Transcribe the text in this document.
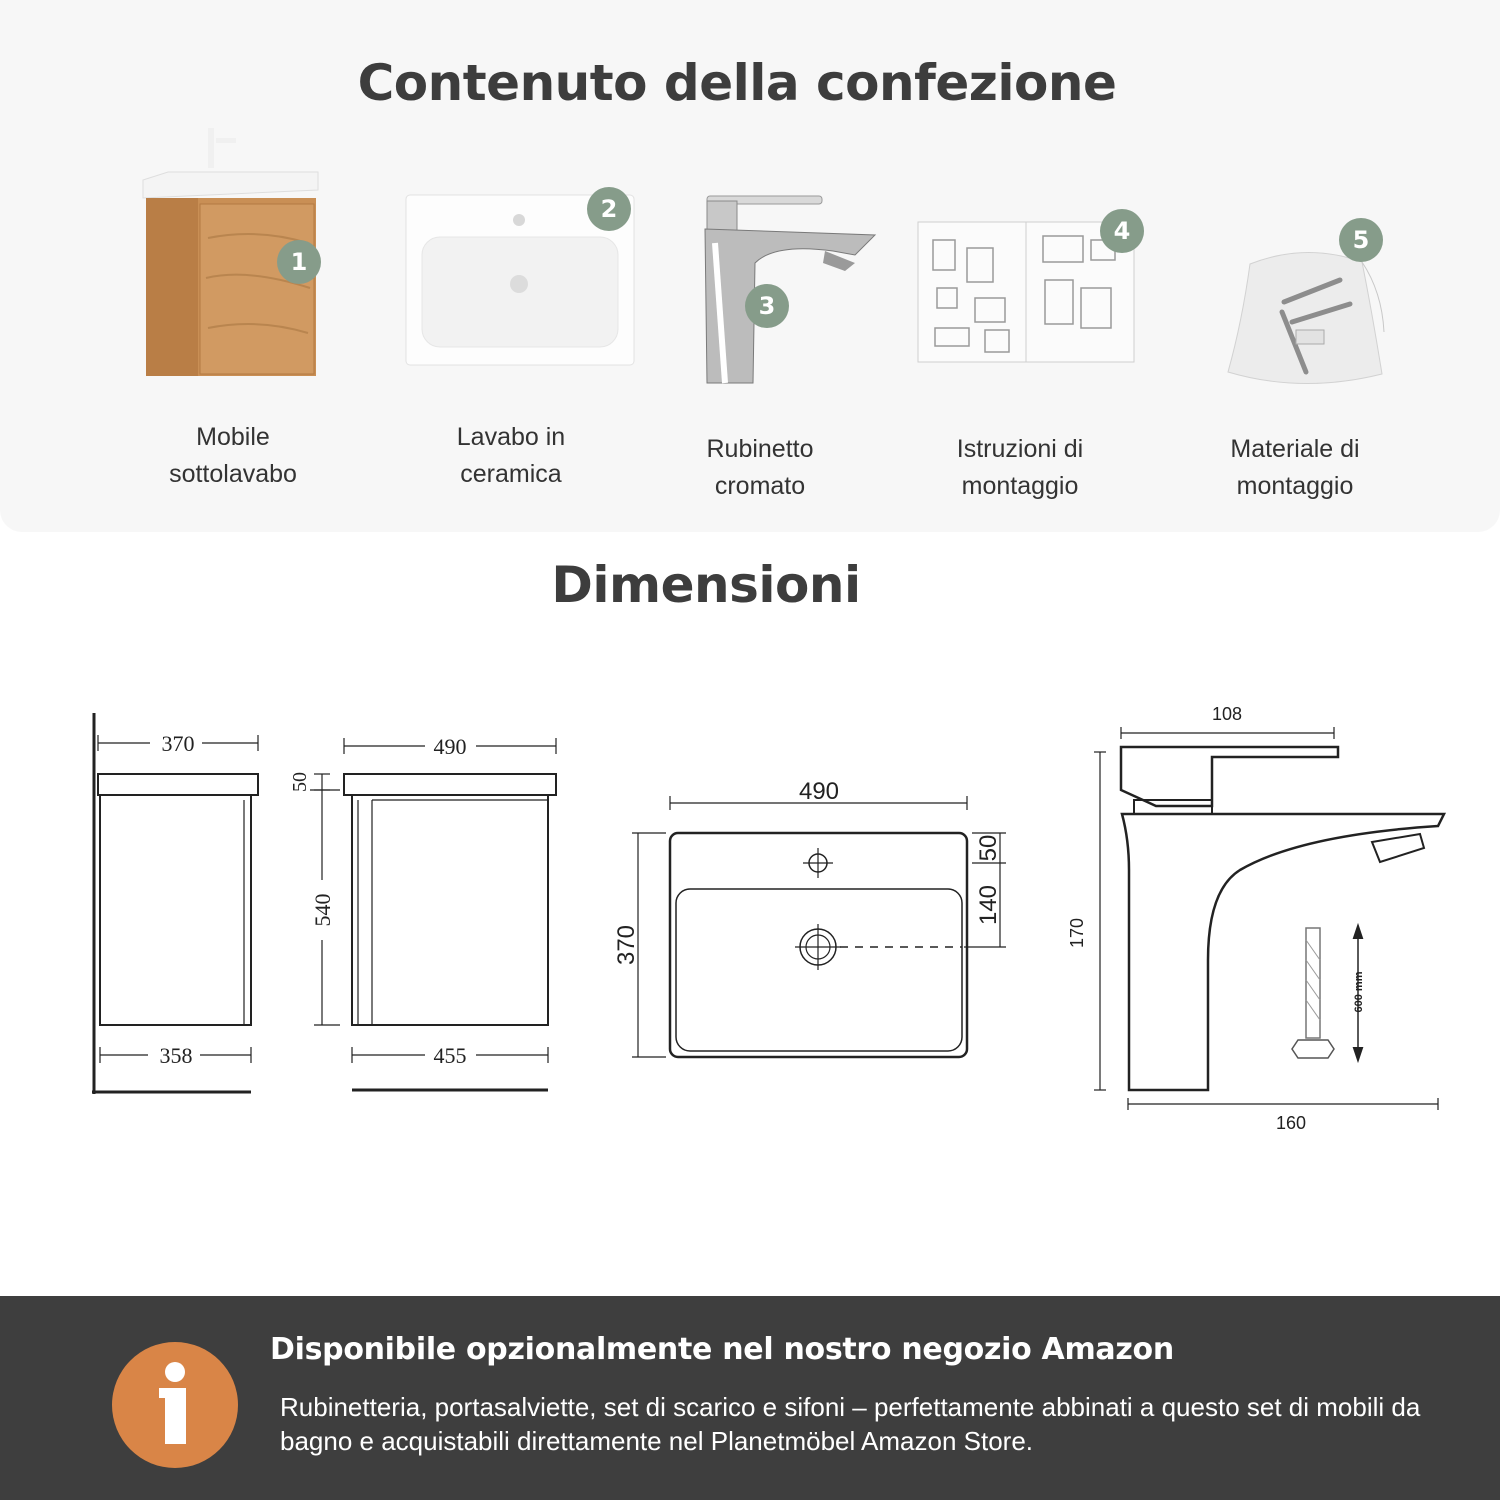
Contenuto della confezione
1
2
3
4	5
Mobile
sottolavabo
Lavabo in
ceramica
Rubinetto
cromato
Istruzioni di
montaggio
Materiale di
montaggio
Dimensioni
370
358
490
455
50
540
490
370
50
140
108
170
160
600 mm
Disponibile opzionalmente nel nostro negozio Amazon
Rubinetteria, portasalviette, set di scarico e sifoni – perfettamente abbinati a questo set di mobili da bagno e acquistabili direttamente nel Planetmöbel Amazon Store.
